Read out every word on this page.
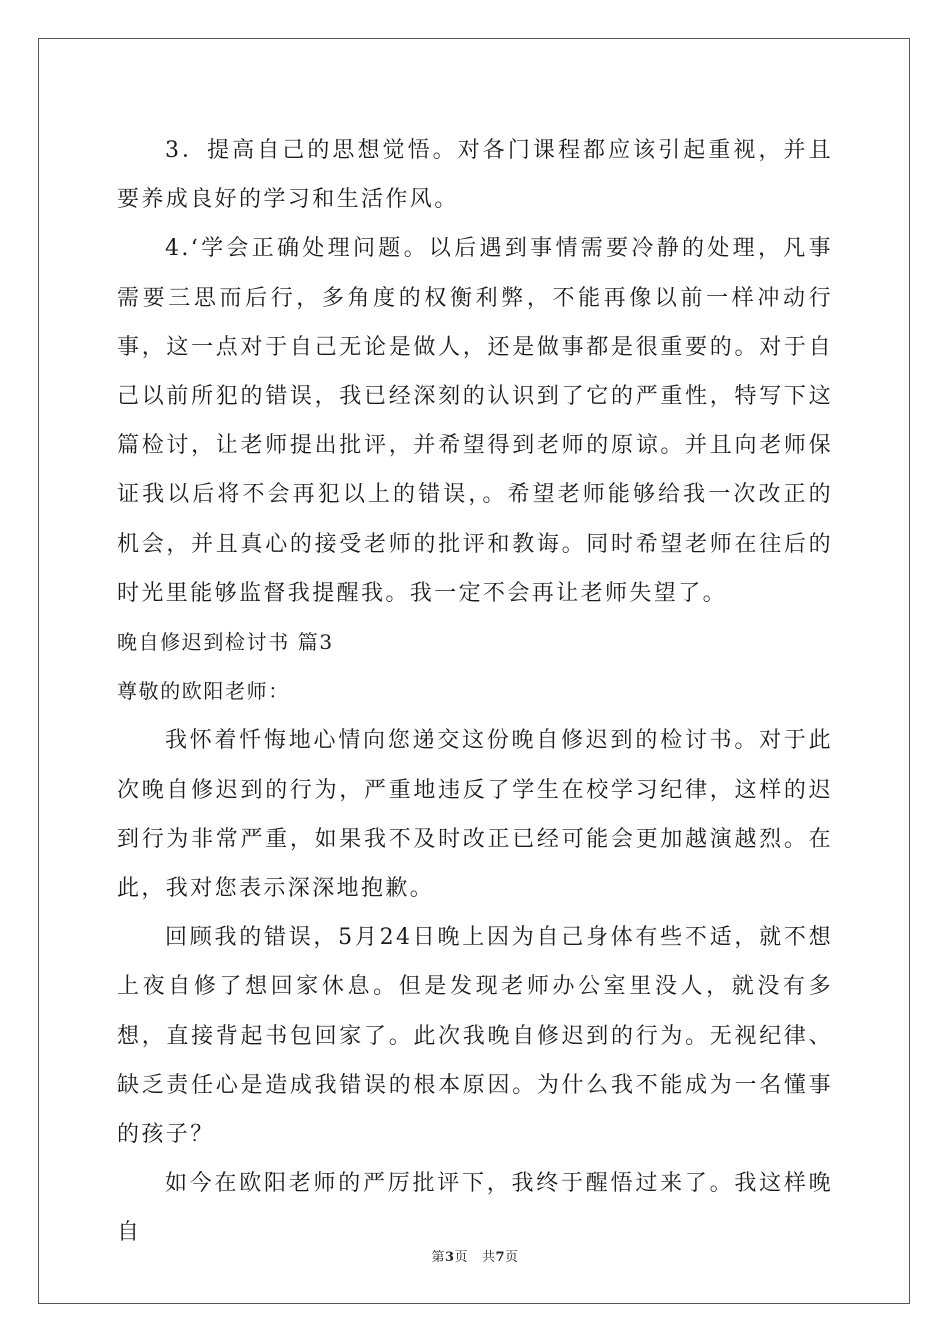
3．提高自己的思想觉悟。对各门课程都应该引起重视，并且要养成良好的学习和生活作风。

4.‘学会正确处理问题。以后遇到事情需要冷静的处理，凡事需要三思而后行，多角度的权衡利弊，不能再像以前一样冲动行事，这一点对于自己无论是做人，还是做事都是很重要的。对于自己以前所犯的错误，我已经深刻的认识到了它的严重性，特写下这篇检讨，让老师提出批评，并希望得到老师的原谅。并且向老师保证我以后将不会再犯以上的错误，。希望老师能够给我一次改正的机会，并且真心的接受老师的批评和教诲。同时希望老师在往后的时光里能够监督我提醒我。我一定不会再让老师失望了。

晚自修迟到检讨书 篇3

尊敬的欧阳老师：

我怀着忏悔地心情向您递交这份晚自修迟到的检讨书。对于此次晚自修迟到的行为，严重地违反了学生在校学习纪律，这样的迟到行为非常严重，如果我不及时改正已经可能会更加越演越烈。在此，我对您表示深深地抱歉。

回顾我的错误，5月24日晚上因为自己身体有些不适，就不想上夜自修了想回家休息。但是发现老师办公室里没人，就没有多想，直接背起书包回家了。此次我晚自修迟到的行为。无视纪律、缺乏责任心是造成我错误的根本原因。为什么我不能成为一名懂事的孩子？

如今在欧阳老师的严厉批评下，我终于醒悟过来了。我这样晚自

第3页   共7页
